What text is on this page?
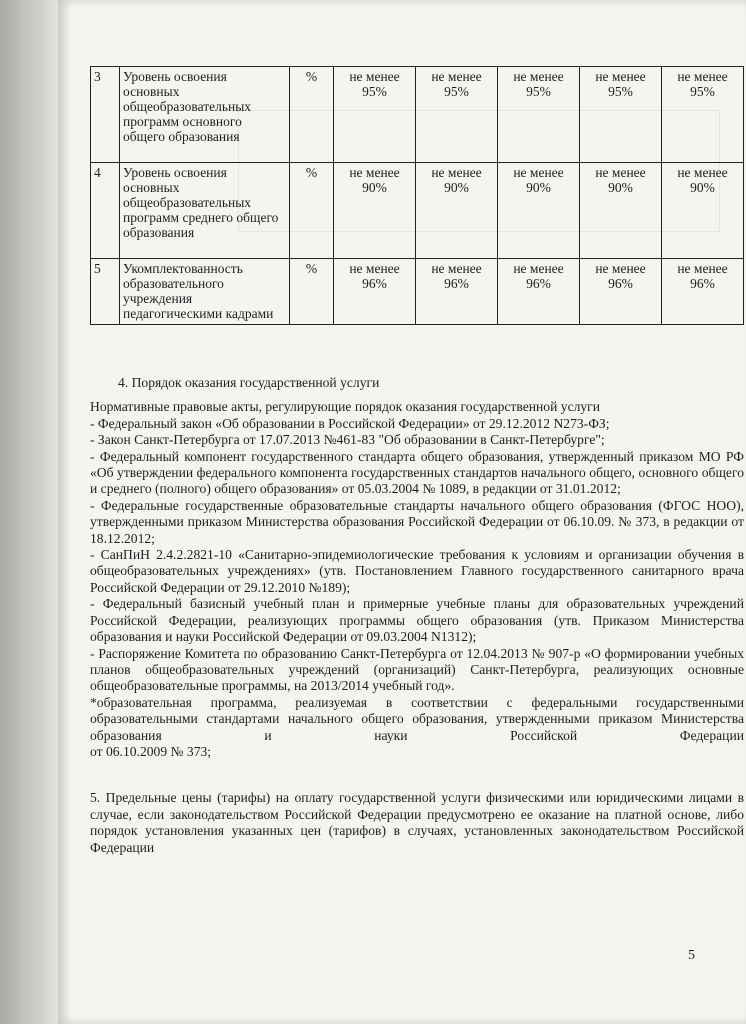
3	Уровень освоения основных общеобразовательных программ основного общего образования	%	не менее 95%	не менее 95%	не менее 95%	не менее 95%	не менее 95%
4	Уровень освоения основных общеобразовательных программ среднего общего образования	%	не менее 90%	не менее 90%	не менее 90%	не менее 90%	не менее 90%
5	Укомплектованность образовательного учреждения педагогическими кадрами	%	не менее 96%	не менее 96%	не менее 96%	не менее 96%	не менее 96%

4. Порядок оказания государственной услуги

Нормативные правовые акты, регулирующие порядок оказания государственной услуги

- Федеральный закон «Об образовании в Российской Федерации» от 29.12.2012 N273-ФЗ;

- Закон Санкт-Петербурга от 17.07.2013 №461-83 "Об образовании в Санкт-Петербурге";

- Федеральный компонент государственного стандарта общего образования, утвержденный приказом МО РФ «Об утверждении федерального компонента государственных стандартов начального общего, основного общего и среднего (полного) общего образования» от 05.03.2004 № 1089, в редакции от 31.01.2012;

- Федеральные государственные образовательные стандарты начального общего образования (ФГОС НОО), утвержденными приказом Министерства образования Российской Федерации от 06.10.09. № 373, в редакции от 18.12.2012;

- СанПиН 2.4.2.2821-10 «Санитарно-эпидемиологические требования к условиям и организации обучения в общеобразовательных учреждениях» (утв. Постановлением Главного государственного санитарного врача Российской Федерации от 29.12.2010 №189);

- Федеральный базисный учебный план и примерные учебные планы для образовательных учреждений Российской Федерации, реализующих программы общего образования (утв. Приказом Министерства образования и науки Российской Федерации от 09.03.2004 N1312);

- Распоряжение Комитета по образованию Санкт-Петербурга от 12.04.2013 № 907-р «О формировании учебных планов общеобразовательных учреждений (организаций) Санкт-Петербурга, реализующих основные общеобразовательные программы, на 2013/2014 учебный год».

*образовательная программа, реализуемая в соответствии с федеральными государственными образовательными стандартами начального общего образования, утвержденными приказом Министерства образования и науки Российской Федерации

от 06.10.2009 № 373;

5. Предельные цены (тарифы) на оплату государственной услуги физическими или юридическими лицами в случае, если законодательством Российской Федерации предусмотрено ее оказание на платной основе, либо порядок установления указанных цен (тарифов) в случаях, установленных законодательством Российской Федерации

5
